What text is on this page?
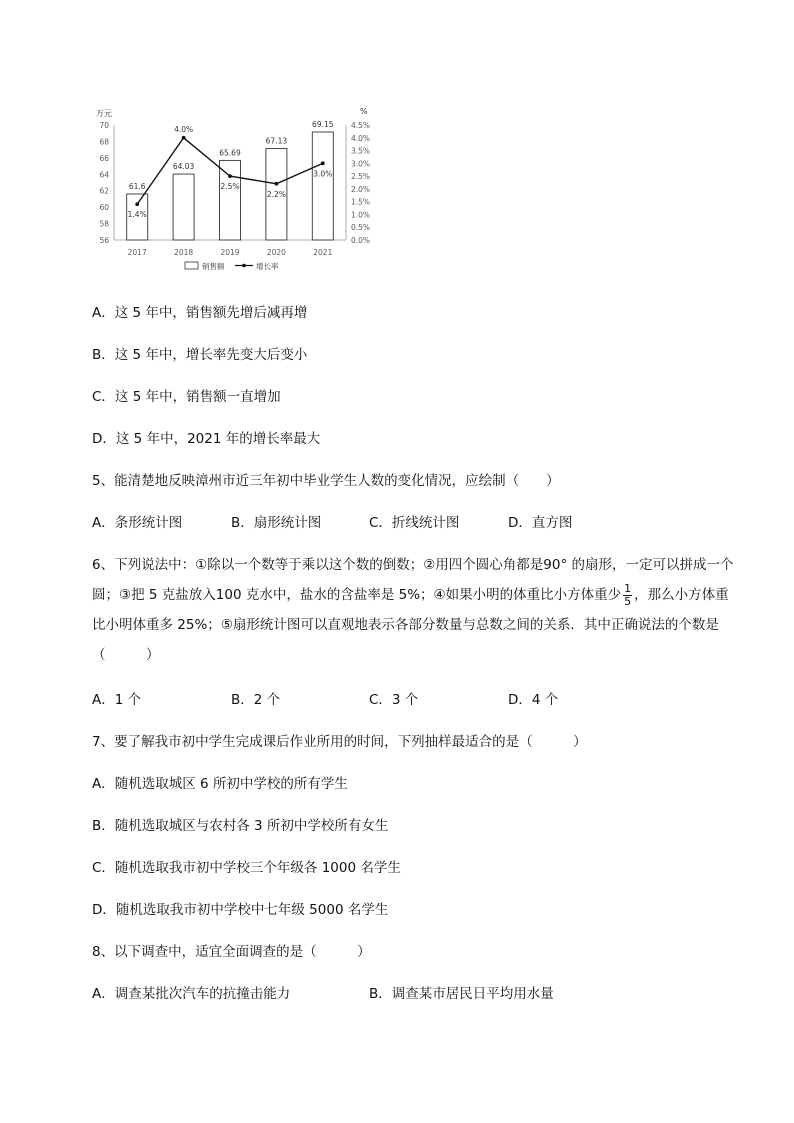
万元	%
56
58
60
62
64
66
68
70
0.0%
0.5%
1.0%
1.5%
2.0%
2.5%
3.0%
3.5%
4.0%
4.5%
2017	2018	2019	2020	2021
61.6
64.03
65.69
67.13
69.15
1.4%
4.0%
2.5%
2.2%
3.0%
销售额	增长率
A．这 5 年中，销售额先增后减再增
B．这 5 年中，增长率先变大后变小
C．这 5 年中，销售额一直增加
D．这 5 年中，2021 年的增长率最大
5、能清楚地反映漳州市近三年初中毕业学生人数的变化情况，应绘制（　　）
A．条形统计图	B．扇形统计图	C．折线统计图	D．直方图
6、下列说法中：①除以一个数等于乘以这个数的倒数；②用四个圆心角都是90° 的扇形，一定可以拼成一个圆；③把 5 克盐放入100 克水中，盐水的含盐率是 5%；④如果小明的体重比小方体重少 $\frac{1}{5}$ ，那么小方体重比小明体重多 25%；⑤扇形统计图可以直观地表示各部分数量与总数之间的关系．其中正确说法的个数是（　　　）
A．1 个	B．2 个	C．3 个	D．4 个
7、要了解我市初中学生完成课后作业所用的时间，下列抽样最适合的是（　　　）
A．随机选取城区 6 所初中学校的所有学生
B．随机选取城区与农村各 3 所初中学校所有女生
C．随机选取我市初中学校三个年级各 1000 名学生
D．随机选取我市初中学校中七年级 5000 名学生
8、以下调查中，适宜全面调查的是（　　　）
A．调查某批次汽车的抗撞击能力	B．调查某市居民日平均用水量
